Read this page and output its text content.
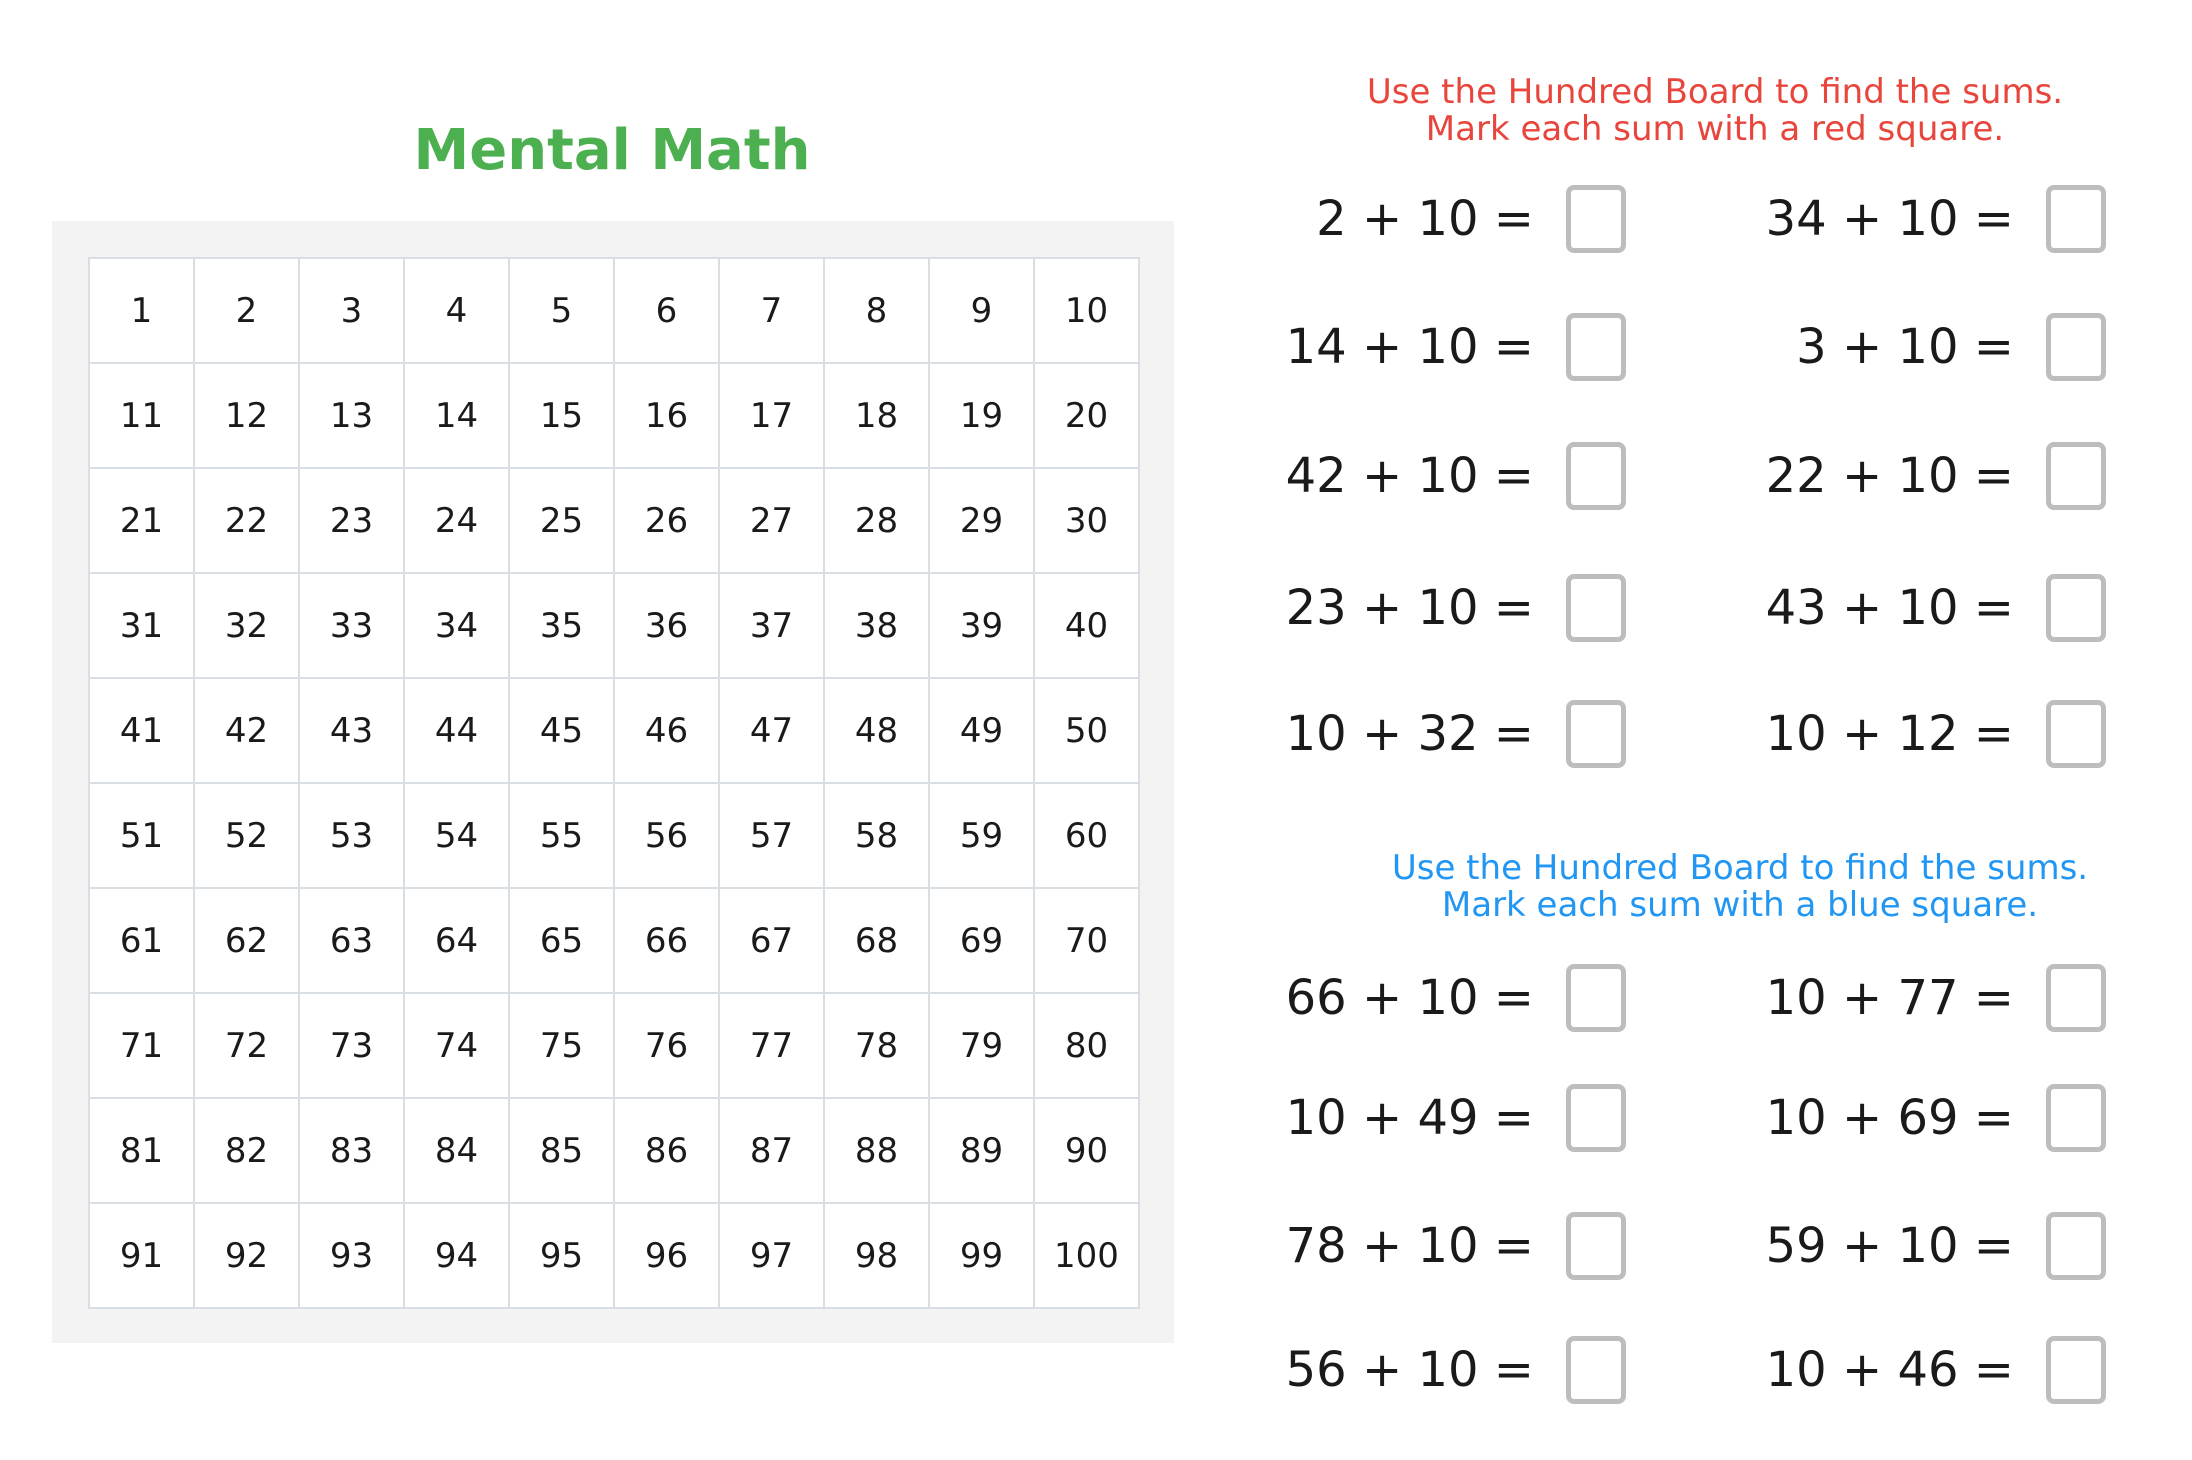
Mental Math
1	2	3	4	5	6	7	8	9	10
11	12	13	14	15	16	17	18	19	20
21	22	23	24	25	26	27	28	29	30
31	32	33	34	35	36	37	38	39	40
41	42	43	44	45	46	47	48	49	50
51	52	53	54	55	56	57	58	59	60
61	62	63	64	65	66	67	68	69	70
71	72	73	74	75	76	77	78	79	80
81	82	83	84	85	86	87	88	89	90
91	92	93	94	95	96	97	98	99	100
Use the Hundred Board to find the sums.
Mark each sum with a red square.
Use the Hundred Board to find the sums.
Mark each sum with a blue square.
2 + 10 =	34 + 10 =
14 + 10 =	3 + 10 =
42 + 10 =	22 + 10 =
23 + 10 =	43 + 10 =
10 + 32 =	10 + 12 =
66 + 10 =	10 + 77 =
10 + 49 =	10 + 69 =
78 + 10 =	59 + 10 =
56 + 10 =	10 + 46 =
